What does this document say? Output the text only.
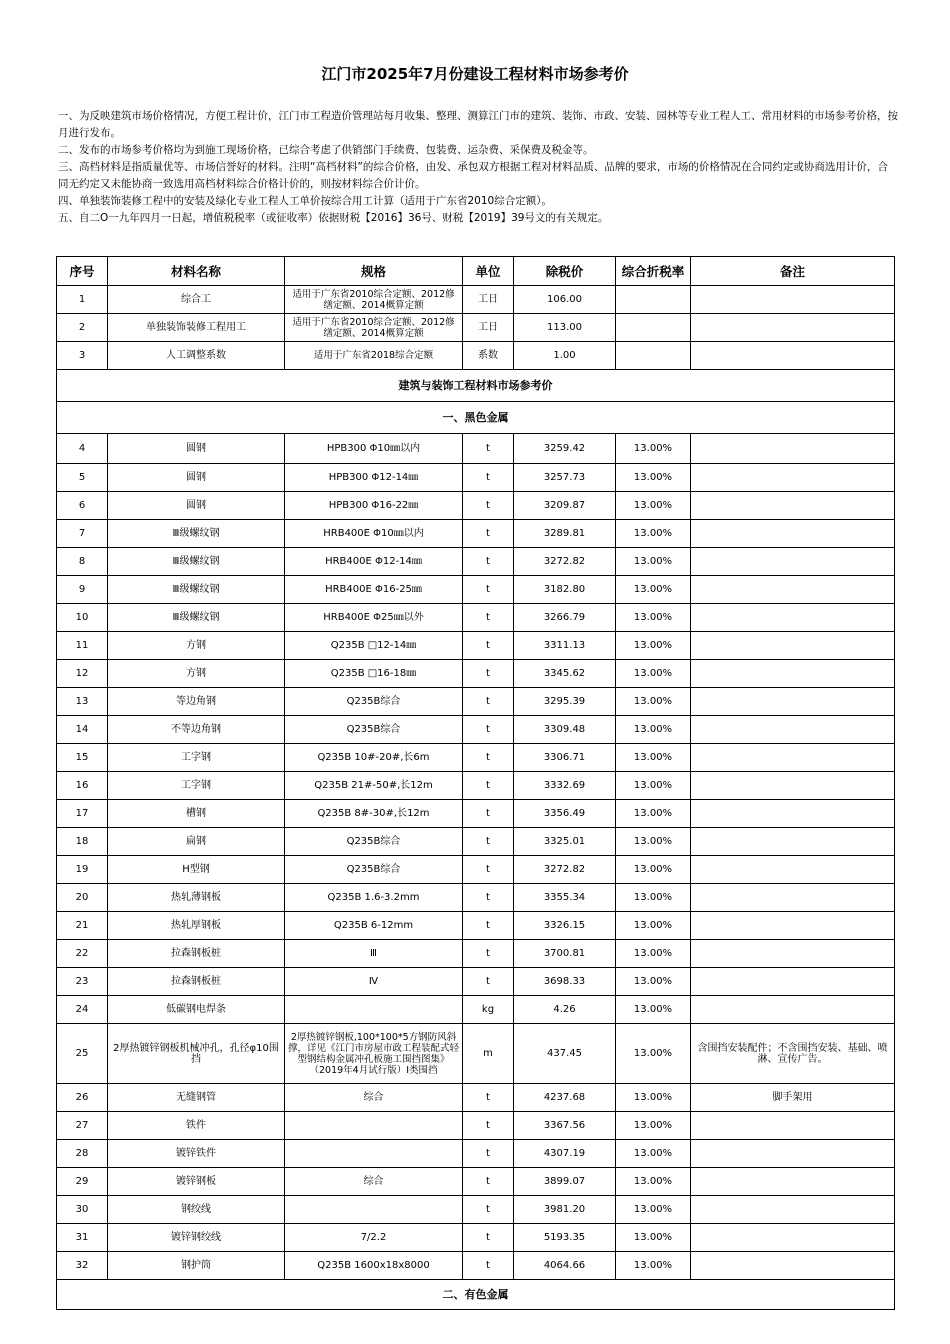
江门市2025年7月份建设工程材料市场参考价

一、为反映建筑市场价格情况，方便工程计价，江门市工程造价管理站每月收集、整理、测算江门市的建筑、装饰、市政、安装、园林等专业工程人工、常用材料的市场参考价格，按月进行发布。

二、发布的市场参考价格均为到施工现场价格，已综合考虑了供销部门手续费、包装费、运杂费、采保费及税金等。

三、高档材料是指质量优等、市场信誉好的材料。注明“高档材料”的综合价格，由发、承包双方根据工程对材料品质、品牌的要求，市场的价格情况在合同约定或协商选用计价，合同无约定又未能协商一致选用高档材料综合价格计价的，则按材料综合价计价。

四、单独装饰装修工程中的安装及绿化专业工程人工单价按综合用工计算（适用于广东省2010综合定额）。

五、自二O一九年四月一日起，增值税税率（或征收率）依据财税【2016】36号、财税【2019】39号文的有关规定。

序号	材料名称	规格	单位	除税价	综合折税率	备注
1	综合工	适用于广东省2010综合定额、2012修缮定额、2014概算定额	工日	106.00		
2	单独装饰装修工程用工	适用于广东省2010综合定额、2012修缮定额、2014概算定额	工日	113.00		
3	人工调整系数	适用于广东省2018综合定额	系数	1.00		
建筑与装饰工程材料市场参考价						
一、黑色金属						
4	圆钢	HPB300 Φ10㎜以内	t	3259.42	13.00%	
5	圆钢	HPB300 Φ12-14㎜	t	3257.73	13.00%	
6	圆钢	HPB300 Φ16-22㎜	t	3209.87	13.00%	
7	Ⅲ级螺纹钢	HRB400E Φ10㎜以内	t	3289.81	13.00%	
8	Ⅲ级螺纹钢	HRB400E Φ12-14㎜	t	3272.82	13.00%	
9	Ⅲ级螺纹钢	HRB400E Φ16-25㎜	t	3182.80	13.00%	
10	Ⅲ级螺纹钢	HRB400E Φ25㎜以外	t	3266.79	13.00%	
11	方钢	Q235B □12-14㎜	t	3311.13	13.00%	
12	方钢	Q235B □16-18㎜	t	3345.62	13.00%	
13	等边角钢	Q235B综合	t	3295.39	13.00%	
14	不等边角钢	Q235B综合	t	3309.48	13.00%	
15	工字钢	Q235B 10#-20#,长6m	t	3306.71	13.00%	
16	工字钢	Q235B 21#-50#,长12m	t	3332.69	13.00%	
17	槽钢	Q235B 8#-30#,长12m	t	3356.49	13.00%	
18	扁钢	Q235B综合	t	3325.01	13.00%	
19	H型钢	Q235B综合	t	3272.82	13.00%	
20	热轧薄钢板	Q235B 1.6-3.2mm	t	3355.34	13.00%	
21	热轧厚钢板	Q235B 6-12mm	t	3326.15	13.00%	
22	拉森钢板桩	Ⅲ	t	3700.81	13.00%	
23	拉森钢板桩	Ⅳ	t	3698.33	13.00%	
24	低碳钢电焊条		kg	4.26	13.00%	
25	2厚热镀锌钢板机械冲孔，孔径φ10围挡	2厚热镀锌钢板,100*100*5方钢防风斜撑，详见《江门市房屋市政工程装配式轻型钢结构金属冲孔板施工围挡图集》（2019年4月试行版）Ⅰ类围挡	m	437.45	13.00%	含围挡安装配件；不含围挡安装、基础、喷淋、宣传广告。
26	无缝钢管	综合	t	4237.68	13.00%	脚手架用
27	铁件		t	3367.56	13.00%	
28	镀锌铁件		t	4307.19	13.00%	
29	镀锌钢板	综合	t	3899.07	13.00%	
30	钢绞线		t	3981.20	13.00%	
31	镀锌钢绞线	7/2.2	t	5193.35	13.00%	
32	钢护筒	Q235B 1600x18x8000	t	4064.66	13.00%	
二、有色金属						
